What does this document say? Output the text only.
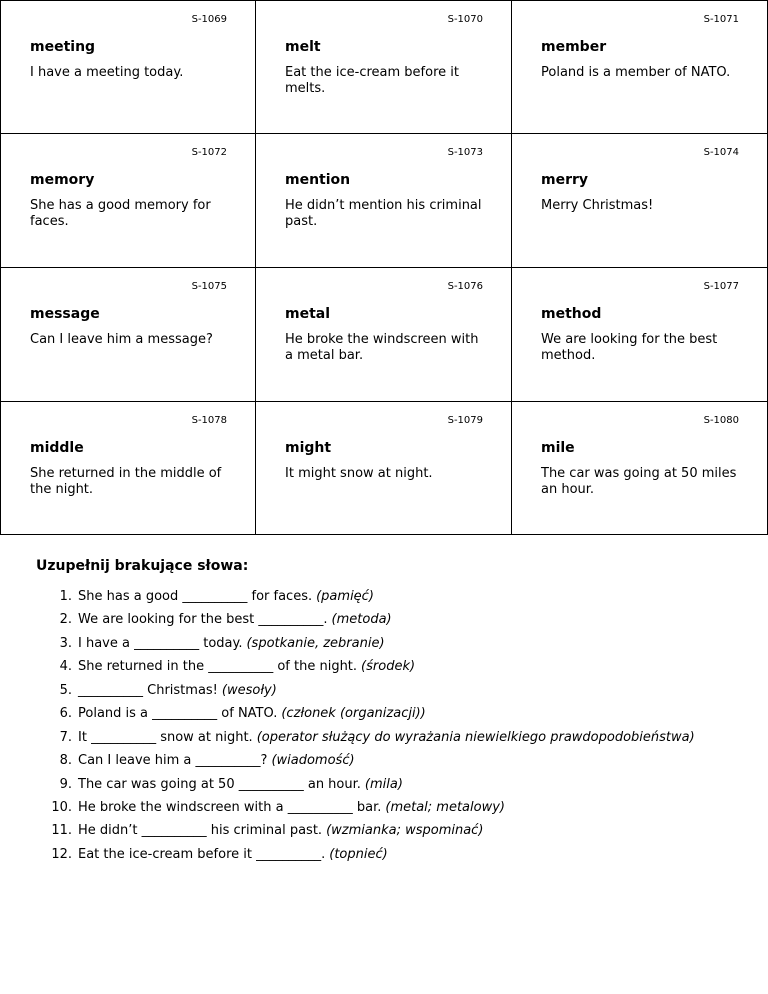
S-1069
meeting
I have a meeting today.
S-1070
melt
Eat the ice-cream before it melts.
S-1071
member
Poland is a member of NATO.
S-1072
memory
She has a good memory for faces.
S-1073
mention
He didn’t mention his criminal past.
S-1074
merry
Merry Christmas!
S-1075
message
Can I leave him a message?
S-1076
metal
He broke the windscreen with a metal bar.
S-1077
method
We are looking for the best method.
S-1078
middle
She returned in the middle of the night.
S-1079
might
It might snow at night.
S-1080
mile
The car was going at 50 miles an hour.
Uzupełnij brakujące słowa:
1. She has a good __________ for faces. (pamięć)
2. We are looking for the best __________. (metoda)
3. I have a __________ today. (spotkanie, zebranie)
4. She returned in the __________ of the night. (środek)
5. __________ Christmas! (wesoły)
6. Poland is a __________ of NATO. (członek (organizacji))
7. It __________ snow at night. (operator służący do wyrażania niewielkiego prawdopodobieństwa)
8. Can I leave him a __________? (wiadomość)
9. The car was going at 50 __________ an hour. (mila)
10. He broke the windscreen with a __________ bar. (metal; metalowy)
11. He didn’t __________ his criminal past. (wzmianka; wspominać)
12. Eat the ice-cream before it __________. (topnieć)
